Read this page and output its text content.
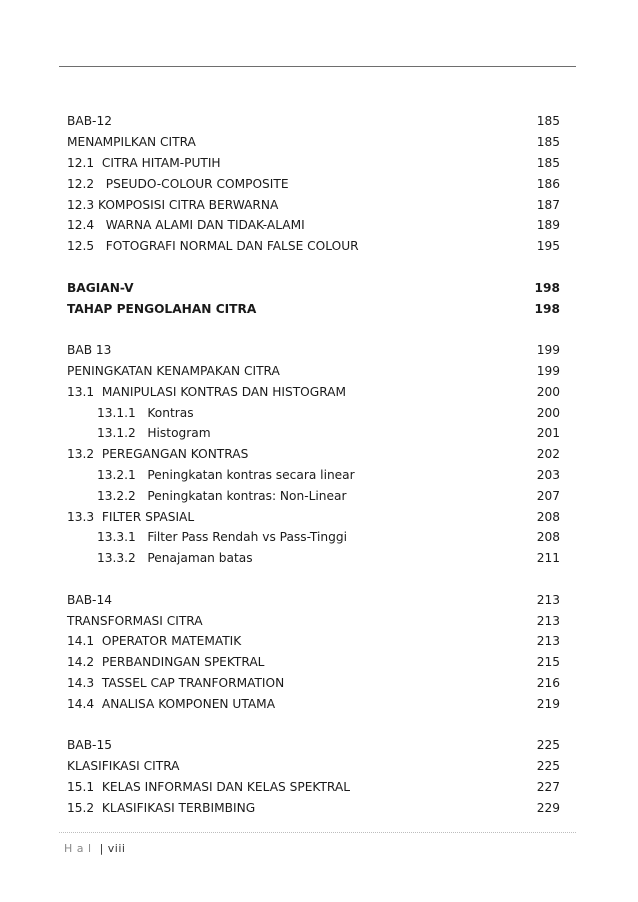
BAB-12	185
MENAMPILKAN CITRA	185
12.1  CITRA HITAM-PUTIH	185
12.2   PSEUDO-COLOUR COMPOSITE	186
12.3 KOMPOSISI CITRA BERWARNA	187
12.4   WARNA ALAMI DAN TIDAK-ALAMI	189
12.5   FOTOGRAFI NORMAL DAN FALSE COLOUR	195
BAGIAN-V	198
TAHAP PENGOLAHAN CITRA	198
BAB 13	199
PENINGKATAN KENAMPAKAN CITRA	199
13.1  MANIPULASI KONTRAS DAN HISTOGRAM	200
13.1.1   Kontras	200
13.1.2   Histogram	201
13.2  PEREGANGAN KONTRAS	202
13.2.1   Peningkatan kontras secara linear	203
13.2.2   Peningkatan kontras: Non-Linear	207
13.3  FILTER SPASIAL	208
13.3.1   Filter Pass Rendah vs Pass-Tinggi	208
13.3.2   Penajaman batas	211
BAB-14	213
TRANSFORMASI CITRA	213
14.1  OPERATOR MATEMATIK	213
14.2  PERBANDINGAN SPEKTRAL	215
14.3  TASSEL CAP TRANFORMATION	216
14.4  ANALISA KOMPONEN UTAMA	219
BAB-15	225
KLASIFIKASI CITRA	225
15.1  KELAS INFORMASI DAN KELAS SPEKTRAL	227
15.2  KLASIFIKASI TERBIMBING	229
H a l | viii
